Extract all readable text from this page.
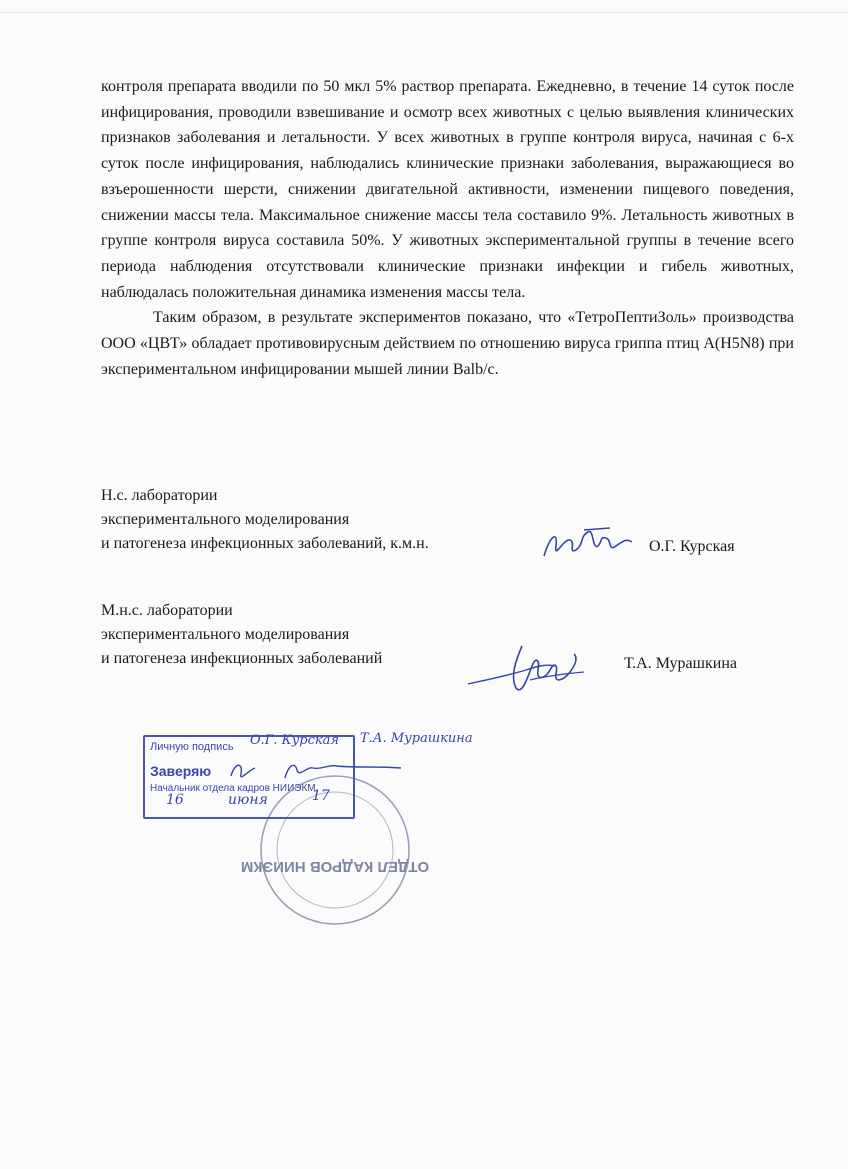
контроля препарата вводили по 50 мкл 5% раствор препарата. Ежедневно, в течение 14 суток после инфицирования, проводили взвешивание и осмотр всех животных с целью выявления клинических признаков заболевания и летальности. У всех животных в группе контроля вируса, начиная с 6-х суток после инфицирования, наблюдались клинические признаки заболевания, выражающиеся во взъерошенности шерсти, снижении двигательной активности, изменении пищевого поведения, снижении массы тела. Максимальное снижение массы тела составило 9%. Летальность животных в группе контроля вируса составила 50%. У животных экспериментальной группы в течение всего периода наблюдения отсутствовали клинические признаки инфекции и гибель животных, наблюдалась положительная динамика изменения массы тела.

Таким образом, в результате экспериментов показано, что «ТетроПептиЗоль» производства ООО «ЦВТ» обладает противовирусным действием по отношению вируса гриппа птиц A(H5N8) при экспериментальном инфицировании мышей линии Balb/c.

Н.с. лаборатории
экспериментального моделирования
и патогенеза инфекционных заболеваний, к.м.н.	О.Г. Курская
М.н.с. лаборатории
экспериментального моделирования
и патогенеза инфекционных заболеваний	Т.А. Мурашкина
ОТДЕЛ КАДРОВ НИИЭКМ
Личную подпись
Заверяю
Начальник отдела кадров НИИЭКМ
О.Г. Курская Т.А. Мурашкина
16	июня	17
